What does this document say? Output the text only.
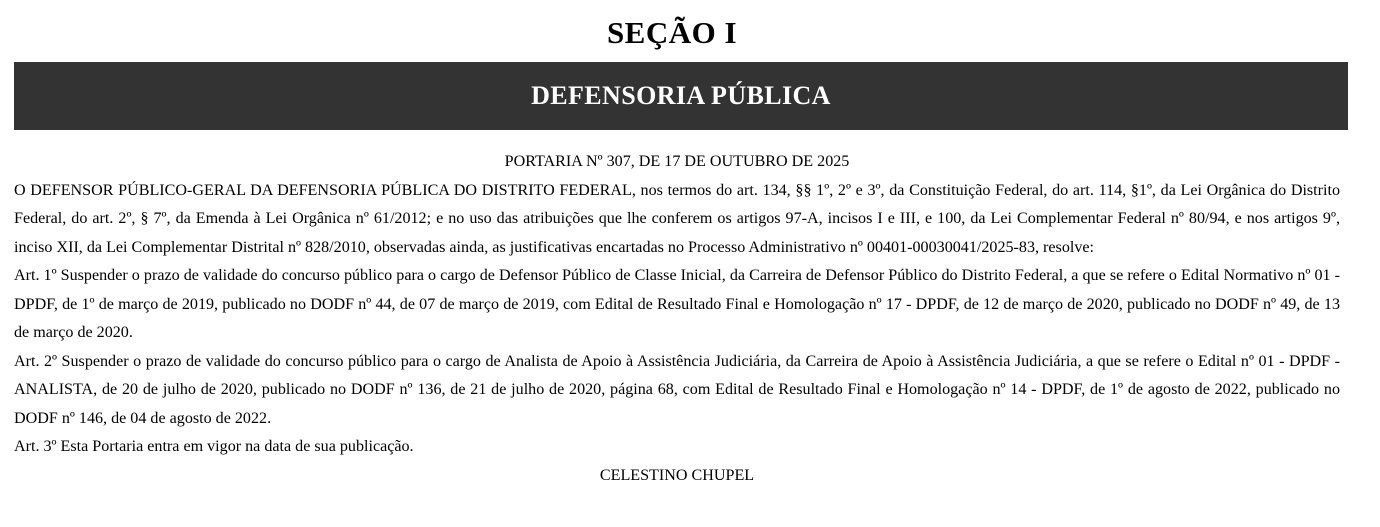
SEÇÃO I
DEFENSORIA PÚBLICA

PORTARIA Nº 307, DE 17 DE OUTUBRO DE 2025

O DEFENSOR PÚBLICO-GERAL DA DEFENSORIA PÚBLICA DO DISTRITO FEDERAL, nos termos do art. 134, §§ 1º, 2º e 3º, da Constituição Federal, do art. 114, §1º, da Lei Orgânica do Distrito Federal, do art. 2º, § 7º, da Emenda à Lei Orgânica nº 61/2012; e no uso das atribuições que lhe conferem os artigos 97-A, incisos I e III, e 100, da Lei Complementar Federal nº 80/94, e nos artigos 9º, inciso XII, da Lei Complementar Distrital nº 828/2010, observadas ainda, as justificativas encartadas no Processo Administrativo nº 00401-00030041/2025-83, resolve:

Art. 1º Suspender o prazo de validade do concurso público para o cargo de Defensor Público de Classe Inicial, da Carreira de Defensor Público do Distrito Federal, a que se refere o Edital Normativo nº 01 - DPDF, de 1º de março de 2019, publicado no DODF nº 44, de 07 de março de 2019, com Edital de Resultado Final e Homologação nº 17 - DPDF, de 12 de março de 2020, publicado no DODF nº 49, de 13 de março de 2020.

Art. 2º Suspender o prazo de validade do concurso público para o cargo de Analista de Apoio à Assistência Judiciária, da Carreira de Apoio à Assistência Judiciária, a que se refere o Edital nº 01 - DPDF - ANALISTA, de 20 de julho de 2020, publicado no DODF nº 136, de 21 de julho de 2020, página 68, com Edital de Resultado Final e Homologação nº 14 - DPDF, de 1º de agosto de 2022, publicado no DODF nº 146, de 04 de agosto de 2022.

Art. 3º Esta Portaria entra em vigor na data de sua publicação.

CELESTINO CHUPEL
